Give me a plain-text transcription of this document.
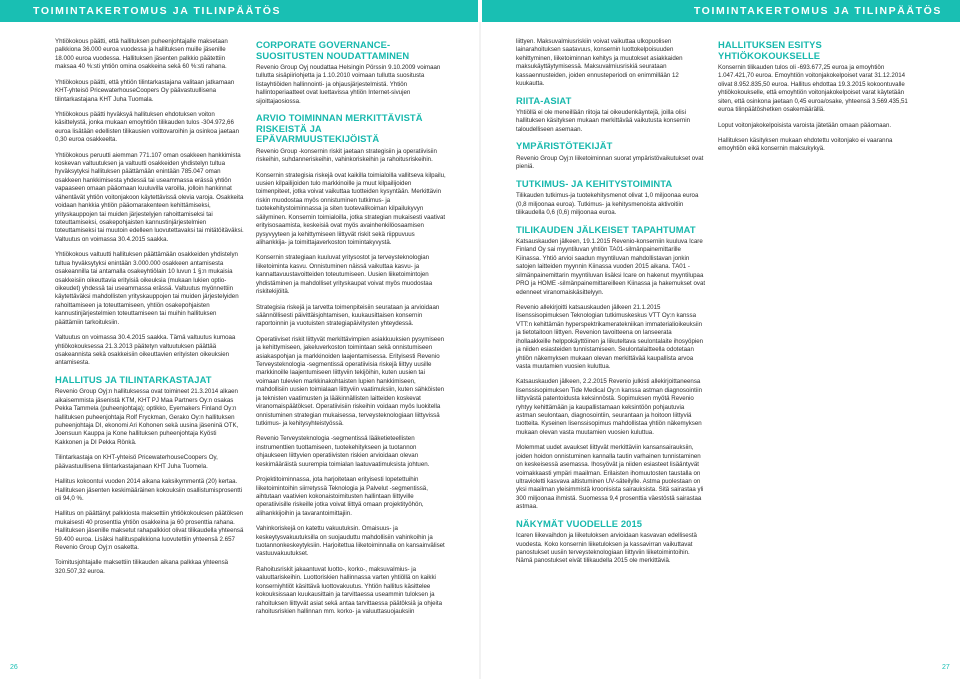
TOIMINTAKERTOMUS JA TILINPÄÄTÖS	TOIMINTAKERTOMUS JA TILINPÄÄTÖS

Yhtiökokous päätti, että hallituksen puheenjohtajalle maksetaan palkkiona 36.000 euroa vuodessa ja hallituksen muille jäsenille 18.000 euroa vuodessa. Hallituksen jäsenten palkkio päätettiin maksaa 40 %:sti yhtiön omina osakkeina sekä 60 %:sti rahana.

Yhtiökokous päätti, että yhtiön tilintarkastajana valitaan jatkamaan KHT-yhteisö PricewaterhouseCoopers Oy päävastuullisena tilintarkastajana KHT Juha Tuomala.

Yhtiökokous päätti hyväksyä hallituksen ehdotuksen voiton käsittelystä, jonka mukaan emoyhtiön tilikauden tulos -304.972,66 euroa lisätään edellisten tilikausien voittovaroihin ja osinkoa jaetaan 0,30 euroa osakkeelta.

Yhtiökokous peruutti aiemman 771.107 oman osakkeen hankkimista koskevan valtuutuksen ja valtuutti osakkeiden yhdistelyn tultua hyväksytyksi hallituksen päättämään enintään 785.047 oman osakkeen hankkimisesta yhdessä tai useammassa erässä yhtiön vapaaseen omaan pääomaan kuuluvilla varoilla, jolloin hankinnat vähentävät yhtiön voitonjakoon käytettävissä olevia varoja. Osakkeita voidaan hankkia yhtiön pääomarakenteen kehittämiseksi, yrityskauppojen tai muiden järjestelyjen rahoittamiseksi tai toteuttamiseksi, osakepohjaisten kannustinjärjestelmien toteuttamiseksi tai muutoin edelleen luovutettavaksi tai mitätöitäväksi. Valtuutus on voimassa 30.4.2015 saakka.

Yhtiökokous valtuutti hallituksen päättämään osakkeiden yhdistelyn tultua hyväksytyksi enintään 3.000.000 osakkeen antamisesta osakeannilla tai antamalla osakeyhtiölain 10 luvun 1 §:n mukaisia osakkeisiin oikeuttavia erityisiä oikeuksia (mukaan lukien optio-oikeudet) yhdessä tai useammassa erässä. Valtuutus myönnettiin käytettäväksi mahdollisten yrityskauppojen tai muiden järjestelyiden rahoittamiseen ja toteuttamiseen, yhtiön osakepohjaisten kannustinjärjestelmien toteuttamiseen tai muihin hallituksen päättämiin tarkoituksiin.

Valtuutus on voimassa 30.4.2015 saakka. Tämä valtuutus kumoaa yhtiökokouksessa 21.3.2013 päätetyn valtuutuksen päättää osakeannista sekä osakkeisiin oikeuttavien erityisten oikeuksien antamisesta.

HALLITUS JA TILINTARKASTAJAT

Revenio Group Oyj:n hallituksessa ovat toimineet 21.3.2014 alkaen aikaisemmista jäsenistä KTM, KHT PJ Maa Partners Oy:n osakas Pekka Tammela (puheenjohtaja); optikko, Eyemakers Finland Oy:n hallituksen puheenjohtaja Rolf Fryckman, Gerako Oy:n hallituksen puheenjohtaja DI, ekonomi Ari Kohonen sekä uusina jäseninä OTK, Joensuun Kauppa ja Kone hallituksen puheenjohtaja Kyösti Kakkonen ja DI Pekka Rönkä.

Tilintarkastaja on KHT-yhteisö PricewaterhouseCoopers Oy, päävastuullisena tilintarkastajanaan KHT Juha Tuomela.

Hallitus kokoontui vuoden 2014 aikana kaksikymmentä (20) kertaa. Hallituksen jäsenten keskimääräinen kokouksiin osallistumisprosentti oli 94,0 %.

Hallitus on päättänyt palkkiosta maksettiin yhtiökokouksen päätöksen mukaisesti 40 prosenttia yhtiön osakkeina ja 60 prosenttia rahana. Hallituksen jäsenille maksetut rahapalkkiot olivat tilikaudella yhteensä 59.400 euroa. Lisäksi hallituspalkkiona luovutettiin yhteensä 2.657 Revenio Group Oyj:n osaketta.

Toimitusjohtajalle maksettiin tilikauden aikana palkkaa yhteensä 320.507,32 euroa.

CORPORATE GOVERNANCE-SUOSITUSTEN NOUDATTAMINEN

Revenio Group Oyj noudattaa Helsingin Pörssin 9.10.2009 voimaan tullutta sisäpiiriohjetta ja 1.10.2010 voimaan tullutta suositusta listayhtiöiden hallinnointi- ja ohjausjärjestelmistä. Yhtiön hallintoperiaatteet ovat luettavissa yhtiön Internet-sivujen sijoittajaosiossa.

ARVIO TOIMINNAN MERKITTÄVISTÄ RISKEISTÄ JA EPÄVARMUUSTEKIJÖISTÄ

Revenio Group -konsernin riskit jaetaan strategisiin ja operatiivisiin riskeihin, suhdanneriskeihin, vahinkoriskeihin ja rahoitusriskeihin.

Konsernin strategisia riskejä ovat kaikilla toimialoilla vallitseva kilpailu, uusien kilpailijoiden tulo markkinoille ja muut kilpailijoiden toimenpiteet, jotka voivat vaikuttaa tuotteiden kysyntään. Merkittävin riskin muodostaa myös onnistuminen tutkimus- ja tuotekehitystoiminnassa ja siten tuotevalikoiman kilpailukyvyn säilyminen. Konsernin toimialoilla, jotka strategian mukaisesti vaativat erityisosaamista, keskeisiä ovat myös avainhenkilöosaamisen pysyvyyteen ja kehittymiseen liittyvät riskit sekä riippuvuus alihankkija- ja toimittajaverkoston toimintakyvystä.

Konsernin strategiaan kuuluvat yritysostot ja terveysteknologian liiketoiminta kasvu. Onnistuminen näissä vaikuttaa kasvu- ja kannattavuustavoitteiden toteutumiseen. Uusien liiketoimintojen yhdistäminen ja mahdolliset yrityskaupat voivat myös muodostaa riskitekijöitä.

Strategisia riskejä ja tarvetta toimenpiteisiin seurataan ja arvioidaan säännöllisesti päivittäisjohtamisen, kuukausittaisen konsernin raportoinnin ja vuotuisten strategiapäivitysten yhteydessä.

Operatiiviset riskit liittyvät merkittävimpien asiakkuuksien pysymiseen ja kehittymiseen, jakeluverkoston toimintaan sekä onnistumiseen asiakaspohjan ja markkinoiden laajentamisessa. Erityisesti Revenio Terveysteknologia -segmentissä operatiivisia riskejä liittyy uusille markkinoille laajentumiseen liittyviin tekijöihin, kuten uusien tai voimaan tulevien markkinakohtaisten lupien hankkimiseen, mahdollisiin uusien toimialaan liittyviin vaatimuksiin, kuten sähköisten ja teknisten vaatimusten ja lääkinnällisten laitteiden koskevat viranomaispäätökset. Operatiivisiin riskeihin voidaan myös luokitella onnistuminen strategian mukaisessa, terveysteknologiaan liittyvissä tutkimus- ja kehitysyhteistyössä.

Revenio Terveysteknologia -segmentissä lääketieteellisten instrumenttien tuottamiseen, tuotekehitykseen ja tuotannon ohjaukseen liittyvien operatiivisten riskien arvioidaan olevan keskimääräistä suurempia toimialan laatuvaatimuksista johtuen.

Projektitoiminnassa, jota harjoitetaan erityisesti lopetettuihin liiketoimintoihin siirretyssä Teknologia ja Palvelut -segmentissä, aihtutaan vaativien kokonaistoimitusten hallintaan liittyville operatiivisille riskeille jotka voivat liittyä omaan projektityöhön, alihankkijoihin ja tavarantoimittajiin.

Vahinkoriskejä on katettu vakuutuksin. Omaisuus- ja keskeytysvakuutuksilla on suojauduttu mahdollisiin vahinkoihin ja tuotannonkeskeytyksiin. Harjoitettua liiketoiminnalla on kansainväliset vastuuvakuutukset.

Rahoitusriskit jakaantuvat luotto-, korko-, maksuvalmius- ja valuuttariskeihin. Luottoriskien hallinnassa varten yhtiöllä on kaikki konserniyhtiöt käsittävä luottovakuutus. Yhtiön hallitus käsittelee kokouksissaan kuukausittain ja tarvittaessa useammin tuloksen ja rahoituksen liittyvät asiat sekä antaa tarvittaessa päätöksiä ja ohjeita rahoitusriskien hallinnan mm. korko- ja valuuttasuojauksiin

liittyen. Maksuvalmiusriskiin voivat vaikuttaa ulkopuolisen lainarahoituksen saatavuus, konsernin luottokelpoisuuden kehittyminen, liiketoiminnan kehitys ja muutokset asiakkaiden maksukäyttäytymisessä. Maksuvalmiusriskiä seurataan kassaennusteiden, joiden ennusteperiodi on enimmillään 12 kuukautta.

RIITA-ASIAT

Yhtiöllä ei ole meneillään riitoja tai oikeudenkäyntejä, joilla olisi hallituksen käsityksen mukaan merkittävää vaikutusta konsernin taloudelliseen asemaan.

YMPÄRISTÖTEKIJÄT

Revenio Group Oyj:n liiketoiminnan suorat ympäristövaikutukset ovat pieniä.

TUTKIMUS- JA KEHITYSTOIMINTA

Tilikauden tutkimus-ja tuotekehitysmenot olivat 1,0 miljoonaa euroa (0,8 miljoonaa euroa). Tutkimus- ja kehitysmenoista aktivoitiin tilikaudella 0,6 (0,6) miljoonaa euroa.

TILIKAUDEN JÄLKEISET TAPAHTUMAT

Katsauskauden jälkeen, 19.1.2015 Revenio-konserniin kuuluva Icare Finland Oy sai myyntiluvan yhtiön TA01-silmänpainemittarille Kiinassa. Yhtiö arvioi saadun myyntiluvan mahdollistavan jonkin satojen laitteiden myynnin Kiinassa vuoden 2015 aikana. TA01 -silmänpainemittarin myyntiluvan lisäksi Icare on hakenut myyntilupaa PRO ja HOME -silmänpainemittareilleen Kiinassa ja hakemukset ovat edenneet viranomaiskäsittelyyn.

Revenio allekirjoitti katsauskauden jälkeen 21.1.2015 lisenssisopimuksen Teknologian tutkimuskeskus VTT Oy:n kanssa VTT:n kehittämän hyperspektrikameratekniikan immaterialioikeuksiin ja tietotaitoon liittyen. Revenion tavoitteena on lanseerata ihollaakkeille helppokäyttöinen ja liikuteltava seulontalaite ihosyöpien ja niiden esiasteiden tunnistamiseen. Seulontalaitteella odotetaan yhtiön näkemyksen mukaan olevan merkittävää kaupallista arvoa vasta muutamien vuosien kuluttua.

Katsauskauden jälkeen, 2.2.2015 Revenio julkisti allekirjoittaneensa lisenssisopimuksen Tide Medical Oy:n kanssa astman diagnosointiin liittyvästä patentoidusta keksinnöstä. Sopimuksen myötä Revenio ryhtyy kehittämään ja kaupallistamaan keksintöön pohjautuvia astman seulontaan, diagnosointiin, seurantaan ja hoitoon liittyviä tuotteita. Kyseinen lisenssisopimus mahdollistaa yhtiön näkemyksen mukaan olevan vasta muutamien vuosien kuluttua.

Molemmat uudet avaukset liittyvät merkittäviin kansansairauksiin, joiden hoidon onnistuminen kannalla tautin varhainen tunnistaminen on keskeisessä asemassa. Ihosyövät ja niiden esiasteet lisääntyvät voimakkaasti ympäri maailman. Erilaisten ihomuutosten taustalla on ultravioletti kasvava altistuminen UV-säteilylle. Astma puolestaan on yksi maailman yleisimmistä kroonisista sairauksista. Sitä sairastaa yli 300 miljoonaa ihmistä. Suomessa 9,4 prosenttia väestöstä sairastaa astmaa.

NÄKYMÄT VUODELLE 2015

Icaren liikevaihdon ja liiketuloksen arvioidaan kasvavan edellisestä vuodesta. Koko konsernin liiketuloksen ja kassavirran vaikuttavat panostukset uusiin terveysteknologiaan liittyviin liiketoimintoihin. Nämä panostukset eivät tilikaudella 2015 ole merkittäviä.

HALLITUKSEN ESITYS YHTIÖKOKOUKSELLE

Konsernin tilikauden tulos oli -693.677,25 euroa ja emoyhtiön 1.047.421,70 euroa. Emoyhtiön voitonjakokelpoiset varat 31.12.2014 olivat 8.952.835,50 euroa. Hallitus ehdottaa 19.3.2015 kokoontuvalle yhtiökokoukselle, että emoyhtiön voitonjakokelpoiset varat käytetään siten, että osinkona jaetaan 0,45 euroa/osake, yhteensä 3.569.435,51 euroa tilinpäätöshetken osakemäärällä.

Loput voitonjakokelpoisista varoista jätetään omaan pääomaan.

Hallituksen käsityksen mukaan ehdotettu voitonjako ei vaaranna emoyhtiön eikä konsernin maksukykyä.

26	27
